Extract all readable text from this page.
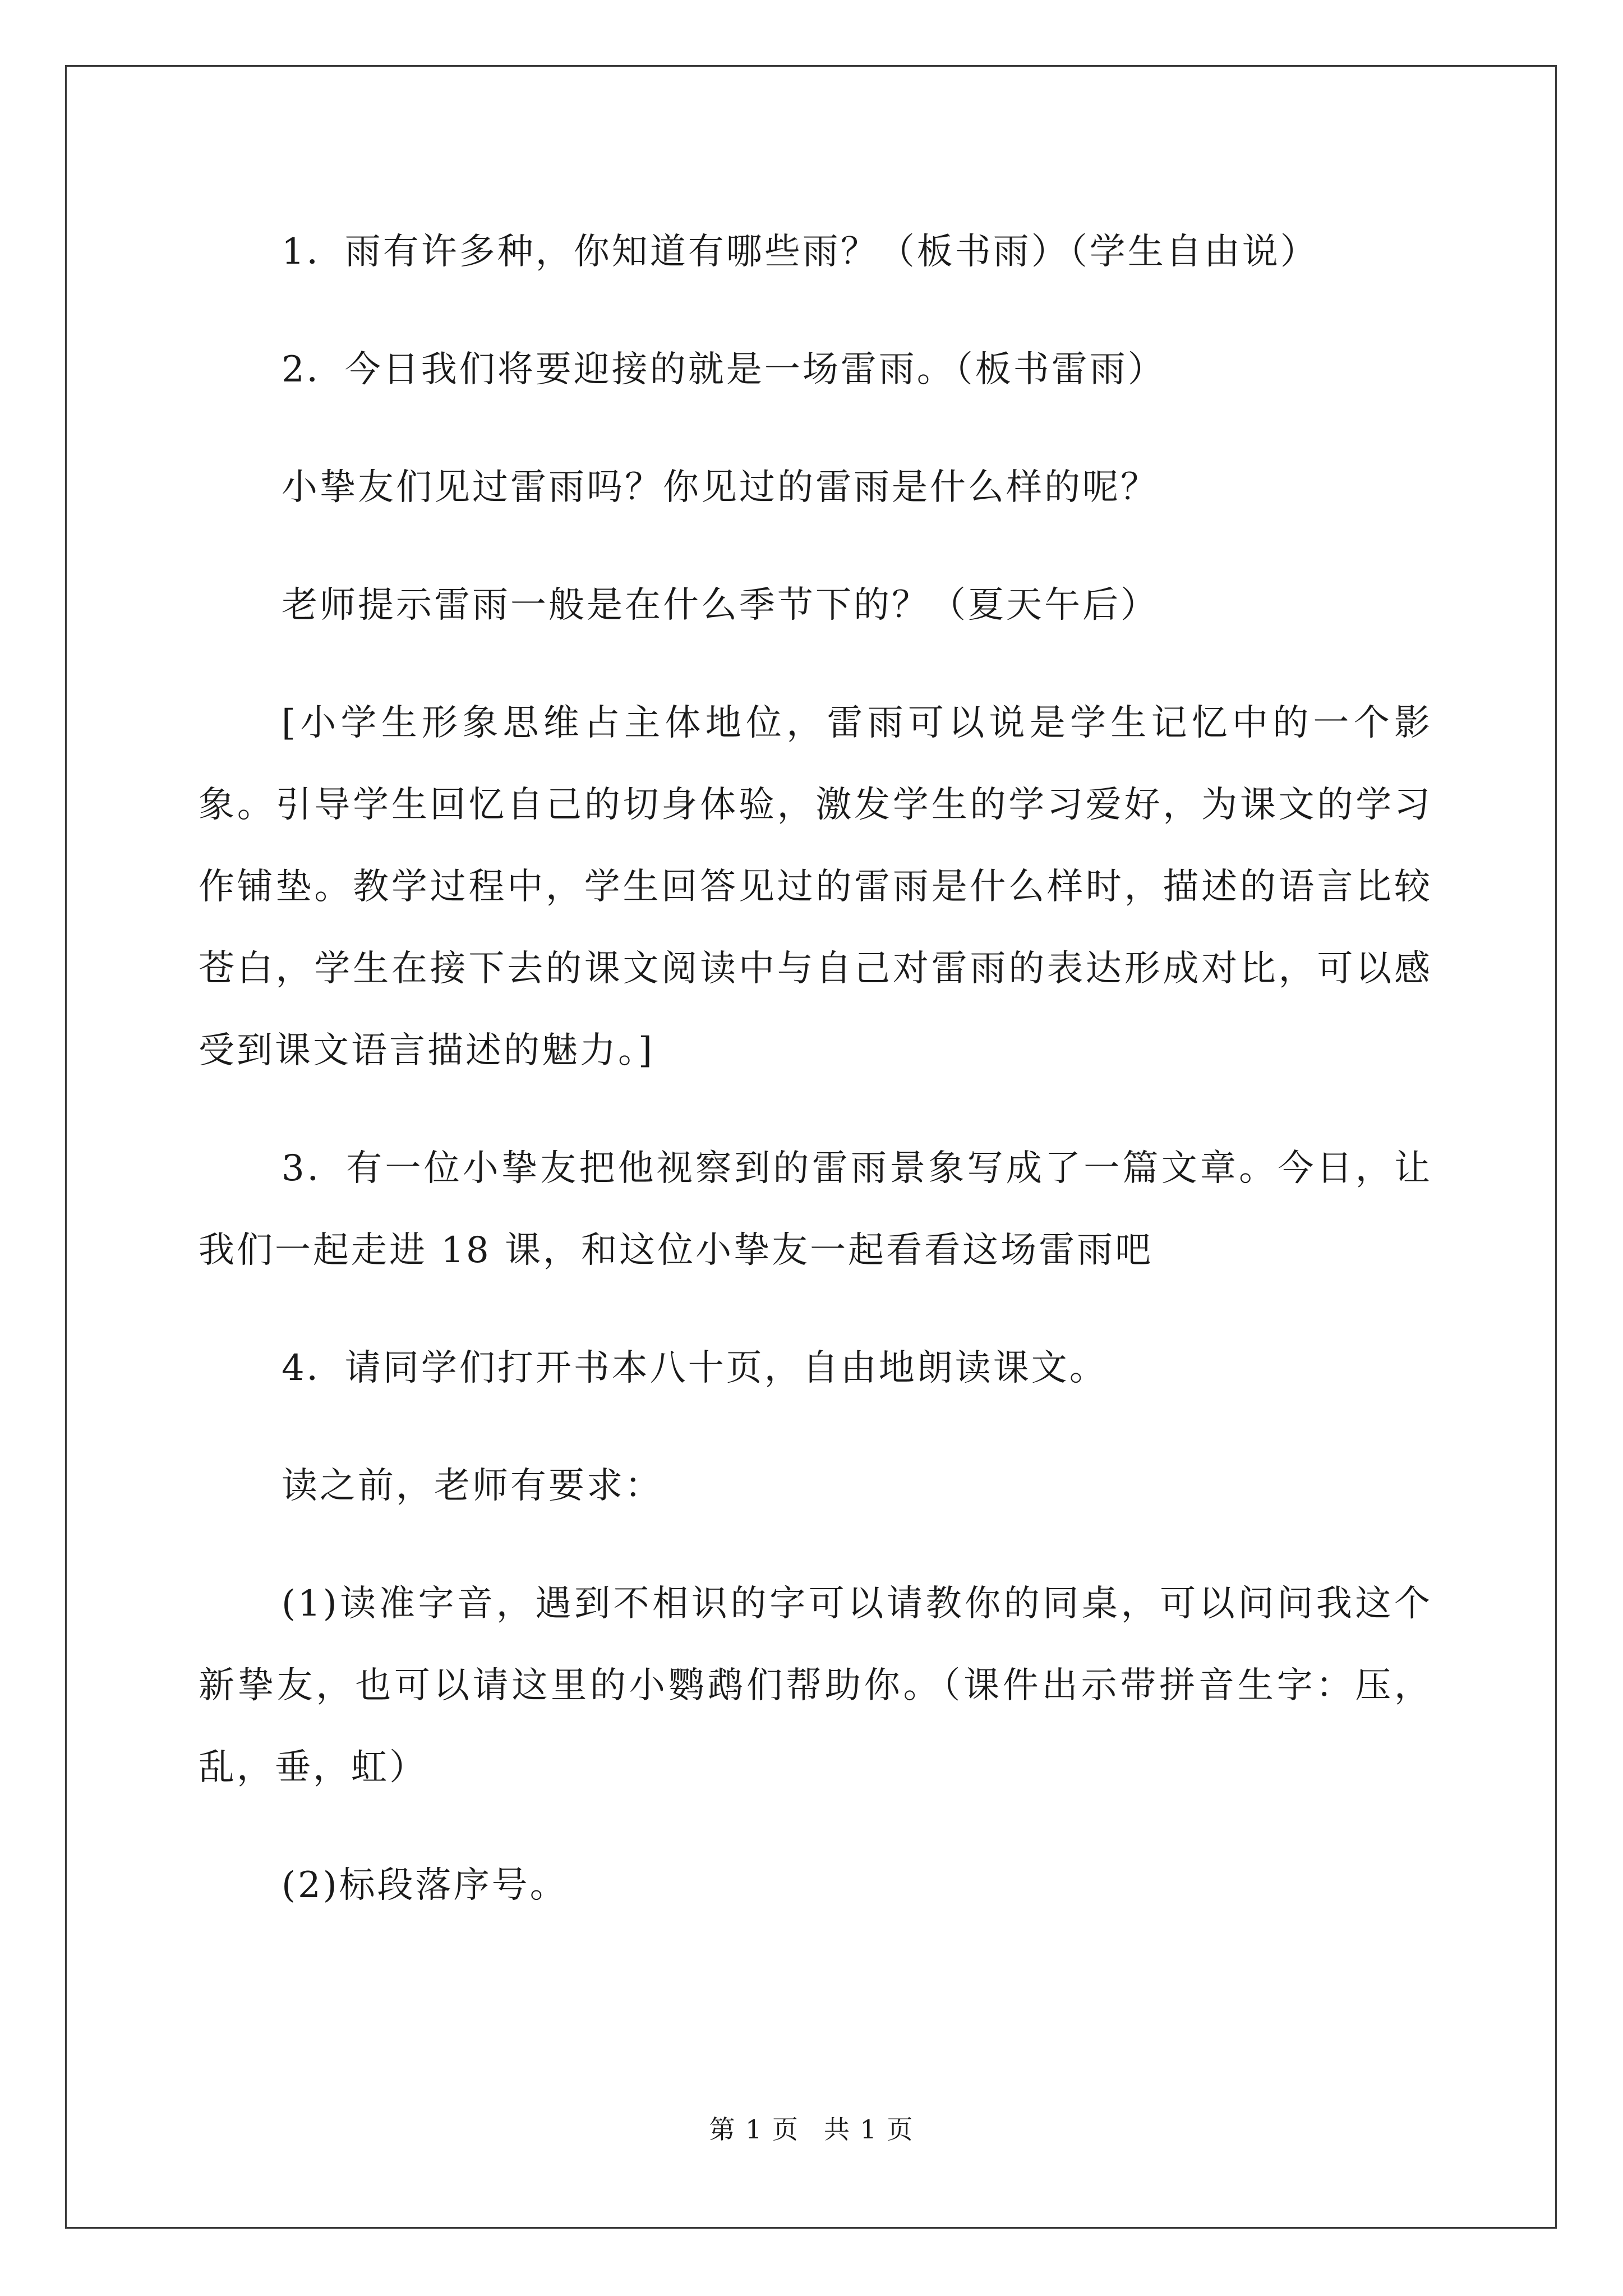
1．雨有许多种，你知道有哪些雨？（板书雨）（学生自由说）

2．今日我们将要迎接的就是一场雷雨。（板书雷雨）

小挚友们见过雷雨吗？你见过的雷雨是什么样的呢？

老师提示雷雨一般是在什么季节下的？（夏天午后）

[小学生形象思维占主体地位，雷雨可以说是学生记忆中的一个影象。引导学生回忆自己的切身体验，激发学生的学习爱好，为课文的学习作铺垫。教学过程中，学生回答见过的雷雨是什么样时，描述的语言比较苍白，学生在接下去的课文阅读中与自己对雷雨的表达形成对比，可以感受到课文语言描述的魅力。]

3．有一位小挚友把他视察到的雷雨景象写成了一篇文章。今日，让我们一起走进 18 课，和这位小挚友一起看看这场雷雨吧

4．请同学们打开书本八十页，自由地朗读课文。

读之前，老师有要求：

(1)读准字音，遇到不相识的字可以请教你的同桌，可以问问我这个新挚友，也可以请这里的小鹦鹉们帮助你。（课件出示带拼音生字：压，乱，垂，虹）

(2)标段落序号。

第 1 页 共 1 页
